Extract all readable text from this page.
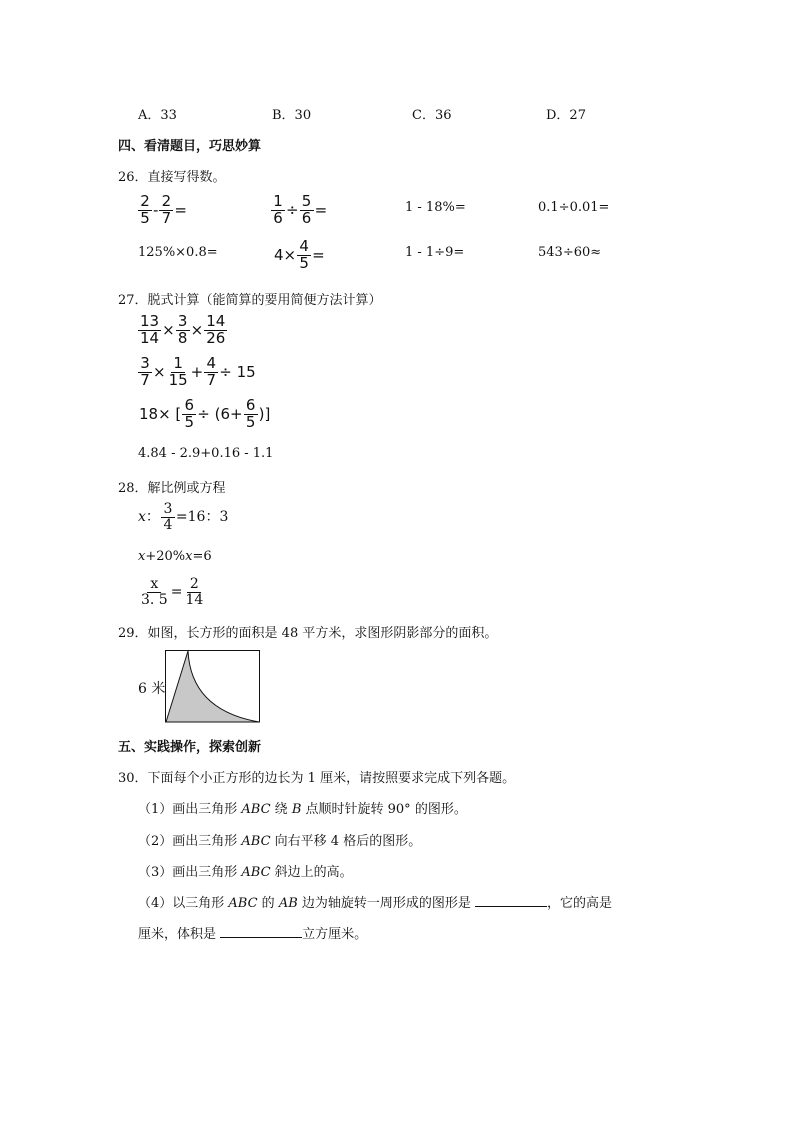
A．33	B．30	C．36	D．27
四、看清题目，巧思妙算
26．直接写得数。
$\frac{2}{5} - \frac{2}{7}$ =	$\frac{1}{6} \div \frac{5}{6}$ =	1 - 18%=	0.1÷0.01=
125%×0.8=	$4\times \frac{4}{5}$ =	1 - 1÷9=	543÷60≈
27．脱式计算（能简算的要用简便方法计算）
$\frac{13}{14} \times \frac{3}{8} \times \frac{14}{26}$
$\frac{3}{7} \times \frac{1}{15} + \frac{4}{7} \div 15$
18× [ $\frac{6}{5} \div (6+ \frac{6}{5}$ )]
4.84 - 2.9+0.16 - 1.1
28．解比例或方程
x： $\frac{3}{4} =16$：3
x+20%x=6
$\frac{x}{3. 5} = \frac{2}{14}$
29．如图，长方形的面积是 48 平方米，求图形阴影部分的面积。
6 米
五、实践操作，探索创新
30．下面每个小正方形的边长为 1 厘米，请按照要求完成下列各题。
（1）画出三角形 ABC 绕 B 点顺时针旋转 90° 的图形。
（2）画出三角形 ABC 向右平移 4 格后的图形。
（3）画出三角形 ABC 斜边上的高。
（4）以三角形 ABC 的 AB 边为轴旋转一周形成的图形是	，它的高是
厘米，体积是	立方厘米。
